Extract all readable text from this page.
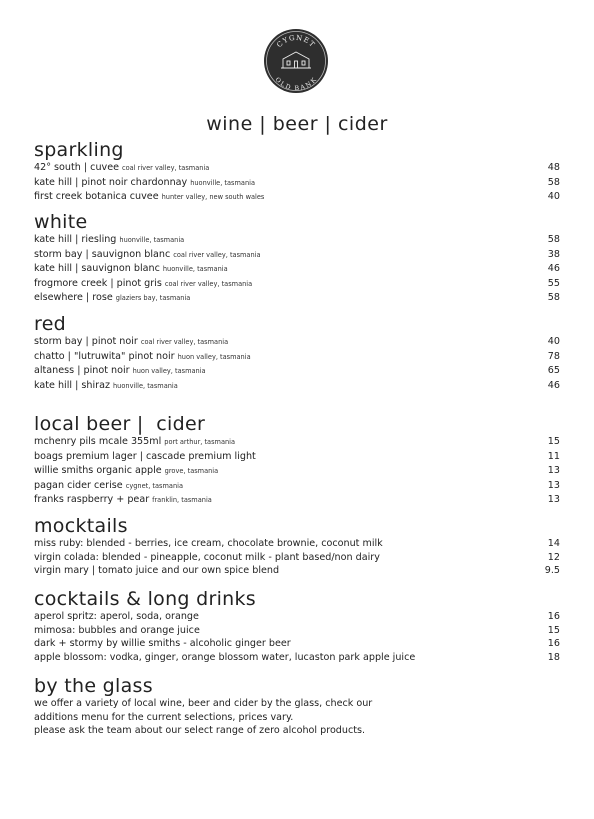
CYGNET
OLD BANK
wine | beer | cider
sparkling
42° south | cuvee coal river valley, tasmania	48
kate hill | pinot noir chardonnay huonville, tasmania	58
first creek botanica cuvee hunter valley, new south wales	40
white
kate hill | riesling huonville, tasmania	58
storm bay | sauvignon blanc coal river valley, tasmania	38
kate hill | sauvignon blanc huonville, tasmania	46
frogmore creek | pinot gris coal river valley, tasmania	55
elsewhere | rose glaziers bay, tasmania	58
red
storm bay | pinot noir coal river valley, tasmania	40
chatto | "lutruwita" pinot noir huon valley, tasmania	78
altaness | pinot noir huon valley, tasmania	65
kate hill | shiraz huonville, tasmania	46
local beer |  cider
mchenry pils mcale 355ml port arthur, tasmania	15
boags premium lager | cascade premium light	11
willie smiths organic apple grove, tasmania	13
pagan cider cerise cygnet, tasmania	13
franks raspberry + pear franklin, tasmania	13
mocktails
miss ruby: blended - berries, ice cream, chocolate brownie, coconut milk	14
virgin colada: blended - pineapple, coconut milk - plant based/non dairy	12
virgin mary | tomato juice and our own spice blend	9.5
cocktails & long drinks
aperol spritz: aperol, soda, orange	16
mimosa: bubbles and orange juice	15
dark + stormy by willie smiths - alcoholic ginger beer	16
apple blossom: vodka, ginger, orange blossom water, lucaston park apple juice	18
by the glass

we offer a variety of local wine, beer and cider by the glass, check our

additions menu for the current selections, prices vary.

please ask the team about our select range of zero alcohol products.
